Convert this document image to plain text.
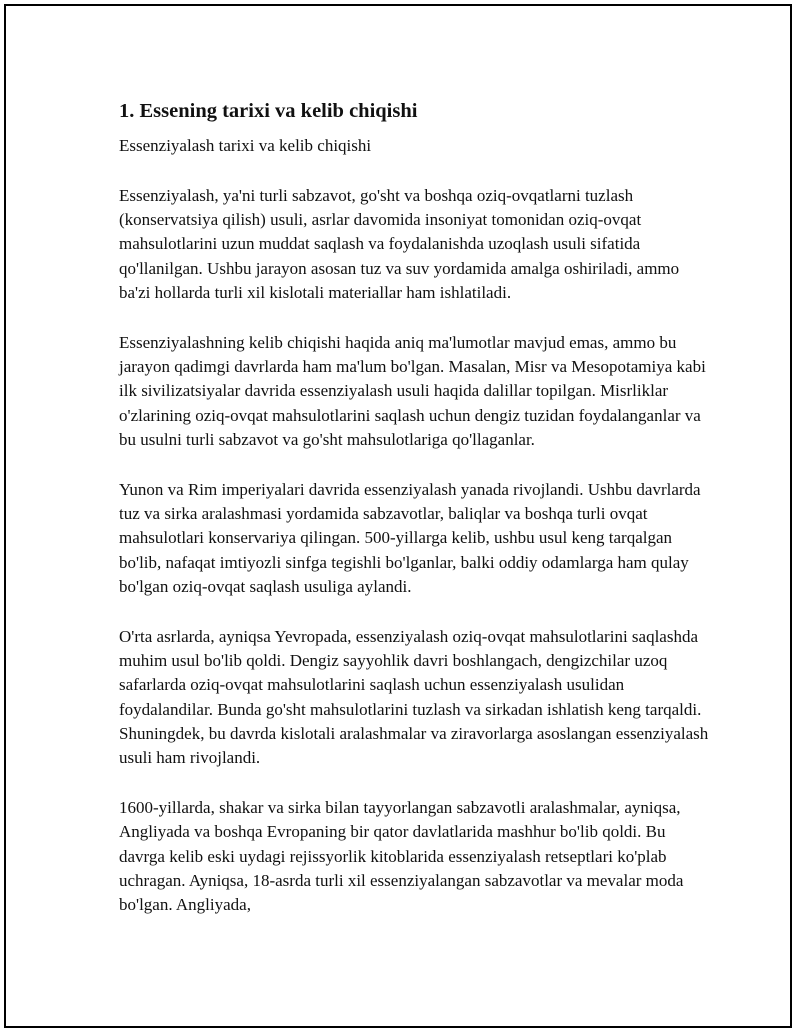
1. Essening tarixi va kelib chiqishi

Essenziyalash tarixi va kelib chiqishi

Essenziyalash, ya'ni turli sabzavot, go'sht va boshqa oziq-ovqatlarni tuzlash (konservatsiya qilish) usuli, asrlar davomida insoniyat tomonidan oziq-ovqat mahsulotlarini uzun muddat saqlash va foydalanishda uzoqlash usuli sifatida qo'llanilgan. Ushbu jarayon asosan tuz va suv yordamida amalga oshiriladi, ammo ba'zi hollarda turli xil kislotali materiallar ham ishlatiladi.

Essenziyalashning kelib chiqishi haqida aniq ma'lumotlar mavjud emas, ammo bu jarayon qadimgi davrlarda ham ma'lum bo'lgan. Masalan, Misr va Mesopotamiya kabi ilk sivilizatsiyalar davrida essenziyalash usuli haqida dalillar topilgan. Misrliklar o'zlarining oziq-ovqat mahsulotlarini saqlash uchun dengiz tuzidan foydalanganlar va bu usulni turli sabzavot va go'sht mahsulotlariga qo'llaganlar.

Yunon va Rim imperiyalari davrida essenziyalash yanada rivojlandi. Ushbu davrlarda tuz va sirka aralashmasi yordamida sabzavotlar, baliqlar va boshqa turli ovqat mahsulotlari konservariya qilingan. 500-yillarga kelib, ushbu usul keng tarqalgan bo'lib, nafaqat imtiyozli sinfga tegishli bo'lganlar, balki oddiy odamlarga ham qulay bo'lgan oziq-ovqat saqlash usuliga aylandi.

O'rta asrlarda, ayniqsa Yevropada, essenziyalash oziq-ovqat mahsulotlarini saqlashda muhim usul bo'lib qoldi. Dengiz sayyohlik davri boshlangach, dengizchilar uzoq safarlarda oziq-ovqat mahsulotlarini saqlash uchun essenziyalash usulidan foydalandilar. Bunda go'sht mahsulotlarini tuzlash va sirkadan ishlatish keng tarqaldi. Shuningdek, bu davrda kislotali aralashmalar va ziravorlarga asoslangan essenziyalash usuli ham rivojlandi.

1600-yillarda, shakar va sirka bilan tayyorlangan sabzavotli aralashmalar, ayniqsa, Angliyada va boshqa Evropaning bir qator davlatlarida mashhur bo'lib qoldi. Bu davrga kelib eski uydagi rejissyorlik kitoblarida essenziyalash retseptlari ko'plab uchragan. Ayniqsa, 18-asrda turli xil essenziyalangan sabzavotlar va mevalar moda bo'lgan. Angliyada,
